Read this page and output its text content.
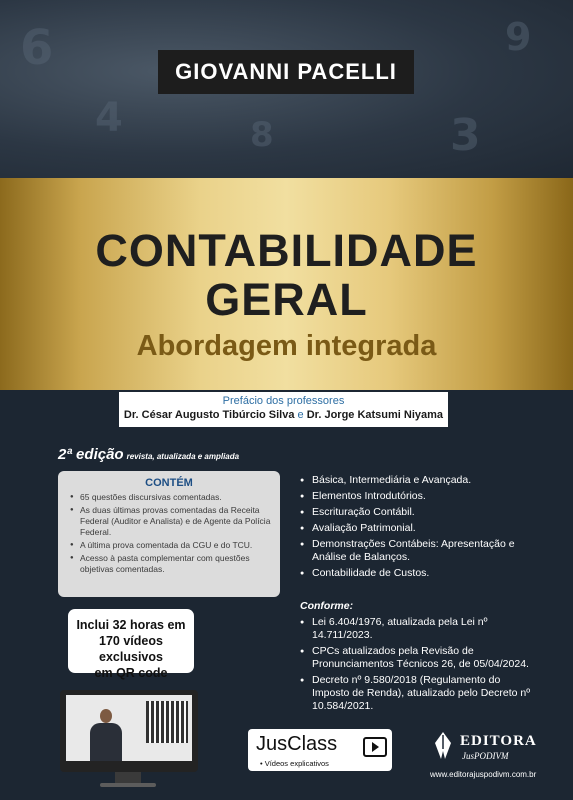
6
4	3
9
8
GIOVANNI PACELLI
CONTABILIDADE
GERAL
Abordagem integrada
Prefácio dos professores
Dr. César Augusto Tibúrcio Silva e Dr. Jorge Katsumi Niyama
2ª edição revista, atualizada e ampliada
CONTÉM
● 65 questões discursivas comentadas.
● As duas últimas provas comentadas da Receita Federal (Auditor e Analista) e de Agente da Polícia Federal.
● A última prova comentada da CGU e do TCU.
● Acesso à pasta complementar com questões objetivas comentadas.
● Básica, Intermediária e Avançada.
● Elementos Introdutórios.
● Escrituração Contábil.
● Avaliação Patrimonial.
● Demonstrações Contábeis: Apresentação e Análise de Balanços.
● Contabilidade de Custos.
Conforme:
● Lei 6.404/1976, atualizada pela Lei nº 14.711/2023.
● CPCs atualizados pela Revisão de Pronunciamentos Técnicos 26, de 05/04/2024.
● Decreto nº 9.580/2018 (Regulamento do Imposto de Renda), atualizado pelo Decreto nº 10.584/2021.
Inclui 32 horas em
170 vídeos exclusivos
em QR code
JusClass
• Vídeos explicativos
EDITORA
JusPODIVM
www.editorajuspodivm.com.br
